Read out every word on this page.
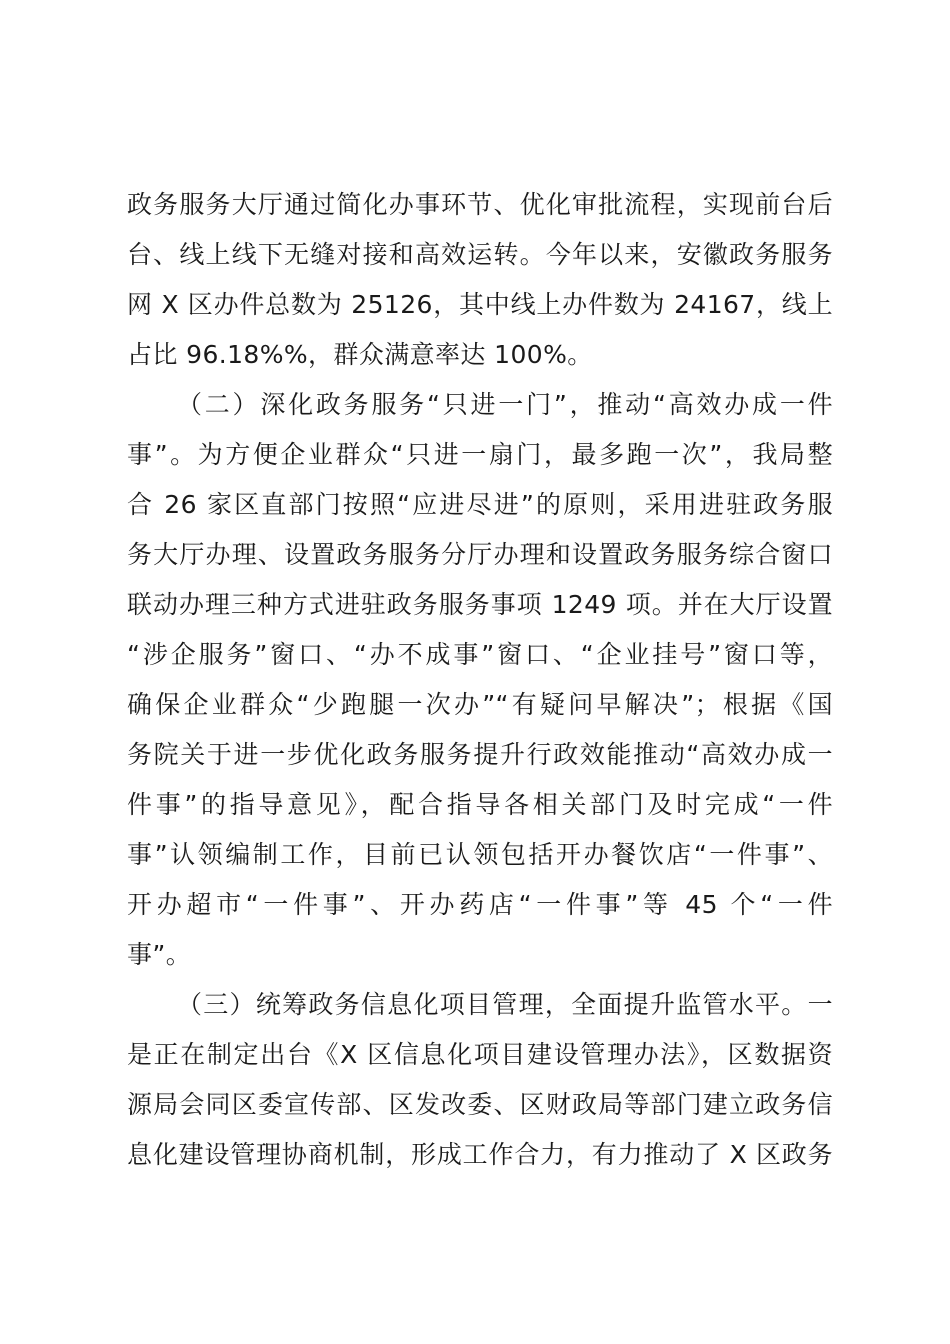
政务服务大厅通过简化办事环节、优化审批流程，实现前台后
台、线上线下无缝对接和高效运转。今年以来，安徽政务服务
网 X 区办件总数为 25126，其中线上办件数为 24167，线上
占比 96.18%%，群众满意率达 100%。
（二）深化政务服务“只进一门”，推动“高效办成一件
事”。为方便企业群众“只进一扇门，最多跑一次”，我局整
合 26 家区直部门按照“应进尽进”的原则，采用进驻政务服
务大厅办理、设置政务服务分厅办理和设置政务服务综合窗口
联动办理三种方式进驻政务服务事项 1249 项。并在大厅设置
“涉企服务”窗口、“办不成事”窗口、“企业挂号”窗口等，
确保企业群众“少跑腿一次办”“有疑问早解决”；根据《国
务院关于进一步优化政务服务提升行政效能推动“高效办成一
件事”的指导意见》，配合指导各相关部门及时完成“一件
事”认领编制工作，目前已认领包括开办餐饮店“一件事”、
开办超市“一件事”、开办药店“一件事”等 45 个“一件
事”。
（三）统筹政务信息化项目管理，全面提升监管水平。一
是正在制定出台《X 区信息化项目建设管理办法》，区数据资
源局会同区委宣传部、区发改委、区财政局等部门建立政务信
息化建设管理协商机制，形成工作合力，有力推动了 X 区政务
